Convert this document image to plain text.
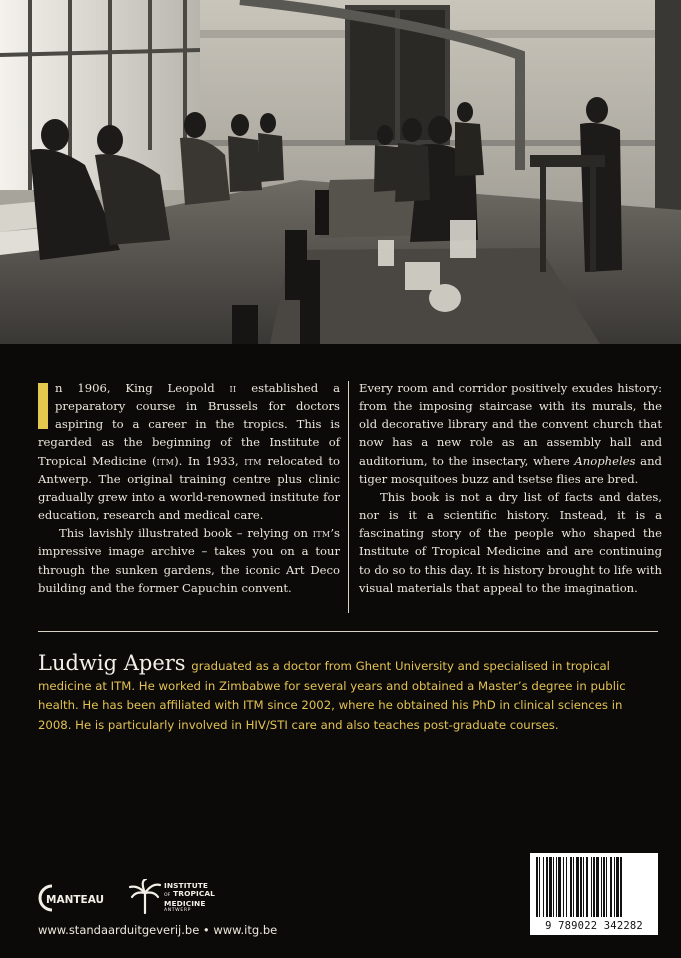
I	n 1906, King Leopold ii established a preparatory course in Brussels for doctors aspiring to a career in the tropics. This is regarded as the beginning of the Institute of Tropical Medicine (itm). In 1933, itm relocated to Antwerp. The original training centre plus clinic gradually grew into a world-renowned institute for education, research and medical care.

This lavishly illustrated book – relying on itm’s impressive image archive – takes you on a tour through the sunken gardens, the iconic Art Deco building and the former Capuchin convent.

Every room and corridor positively exudes history: from the imposing staircase with its murals, the old decorative library and the convent church that now has a new role as an assembly hall and auditorium, to the insectary, where Anopheles and tiger mosquitoes buzz and tsetse flies are bred.

This book is not a dry list of facts and dates, nor is it a scientific history. Instead, it is a fascinating story of the people who shaped the Institute of Tropical Medicine and are continuing to do so to this day. It is history brought to life with visual materials that appeal to the imagination.

Ludwig Apers graduated as a doctor from Ghent University and specialised in tropical medicine at ITM. He worked in Zimbabwe for several years and obtained a Master’s degree in public health. He has been affiliated with ITM since 2002, where he obtained his PhD in clinical sciences in 2008. He is particularly involved in HIV/STI care and also teaches post-graduate courses.
MANTEAU
INSTITUTE
OF TROPICAL
MEDICINE
ANTWERP
www.standaarduitgeverij.be • www.itg.be	9 789022 342282
